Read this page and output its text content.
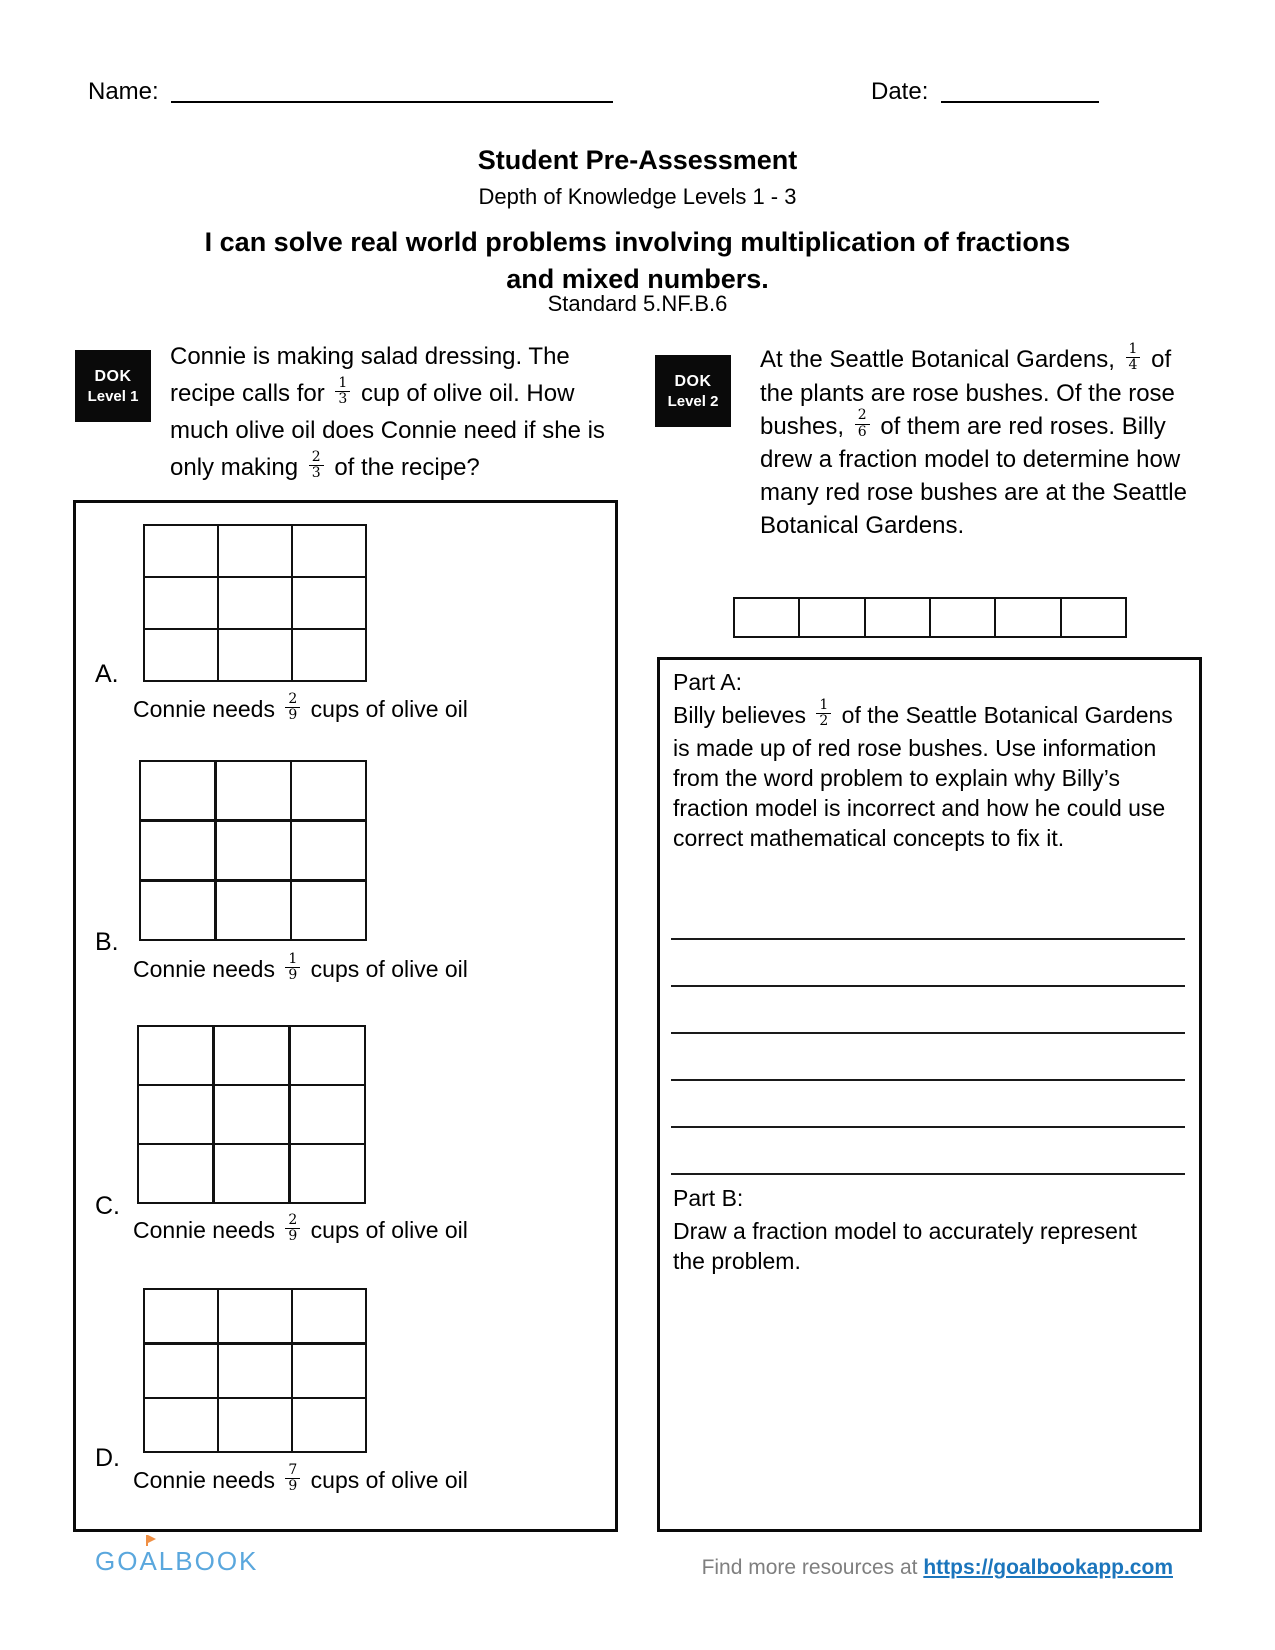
Name:	Date:
Student Pre-Assessment
Depth of Knowledge Levels 1 - 3
I can solve real world problems involving multiplication of fractions
and mixed numbers.
Standard 5.NF.B.6
DOK
Level 1
Connie is making salad dressing. The recipe calls for $\frac{1}{3}$ cup of olive oil. How much olive oil does Connie need if she is only making $\frac{2}{3}$ of the recipe?
A.
Connie needs $\frac{2}{9}$ cups of olive oil
B.
Connie needs $\frac{1}{9}$ cups of olive oil
C.
Connie needs $\frac{2}{9}$ cups of olive oil
D.
Connie needs $\frac{7}{9}$ cups of olive oil
DOK
Level 2
At the Seattle Botanical Gardens, $\frac{1}{4}$ of the plants are rose bushes. Of the rose bushes, $\frac{2}{6}$ of them are red roses. Billy drew a fraction model to determine how many red rose bushes are at the Seattle Botanical Gardens.
Part A:
Billy believes $\frac{1}{2}$ of the Seattle Botanical Gardens is made up of red rose bushes. Use information from the word problem to explain why Billy’s fraction model is incorrect and how he could use correct mathematical concepts to fix it.
Part B:
Draw a fraction model to accurately represent the problem.
GO
ALBOOK	Find more resources at https://goalbookapp.com
